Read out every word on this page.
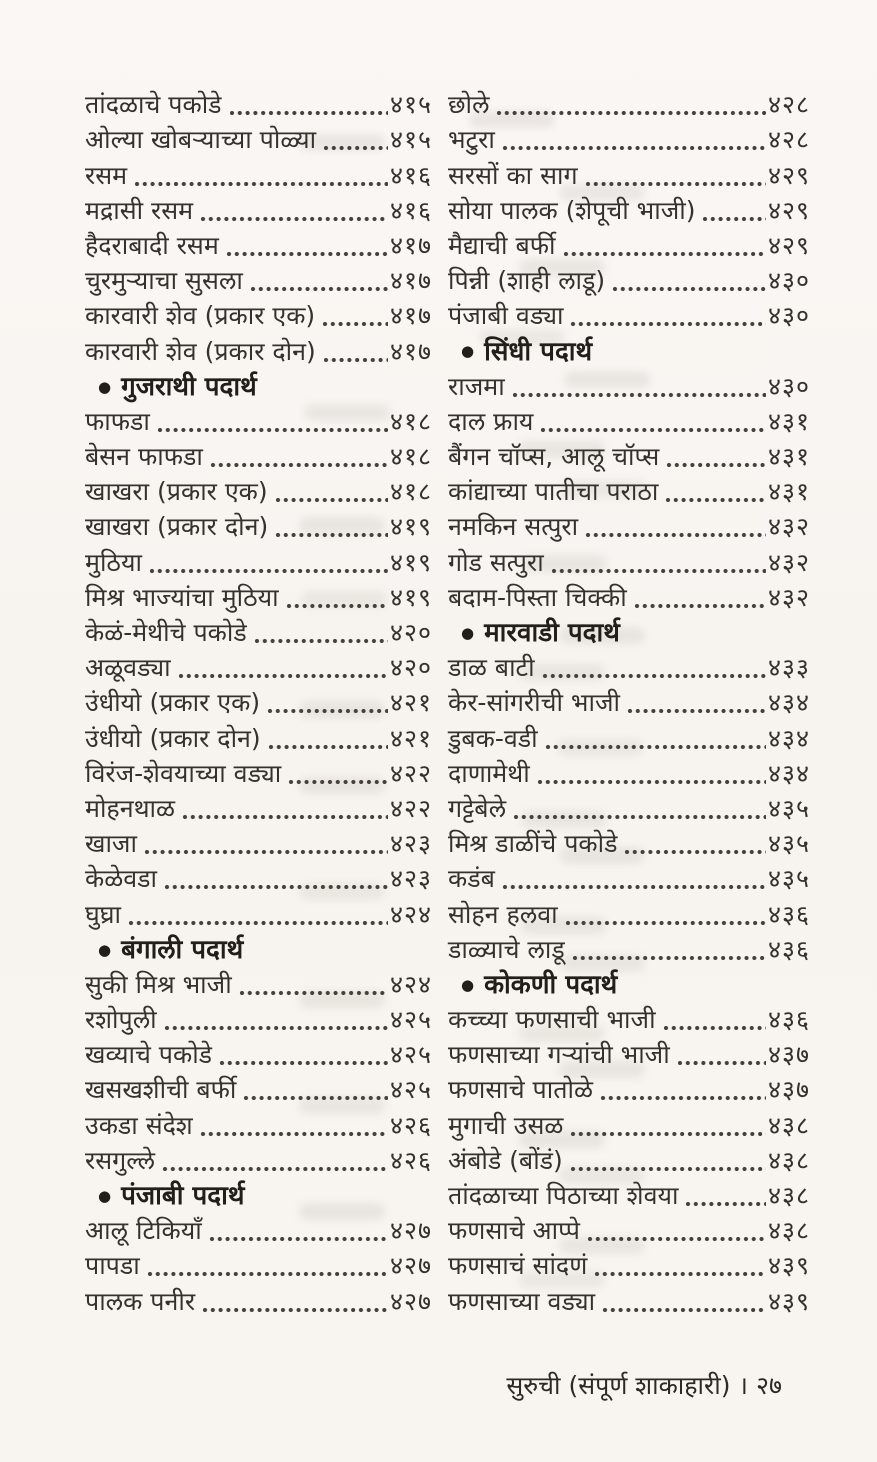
तांदळाचे पकोडे	४१५
ओल्या खोबऱ्याच्या पोळ्या	४१५
रसम	४१६
मद्रासी रसम	४१६
हैदराबादी रसम	४१७
चुरमुऱ्याचा सुसला	४१७
कारवारी शेव (प्रकार एक)	४१७
कारवारी शेव (प्रकार दोन)	४१७
● गुजराथी पदार्थ
फाफडा	४१८
बेसन फाफडा	४१८
खाखरा (प्रकार एक)	४१८
खाखरा (प्रकार दोन)	४१९
मुठिया	४१९
मिश्र भाज्यांचा मुठिया	४१९
केळं-मेथीचे पकोडे	४२०
अळूवड्या	४२०
उंधीयो (प्रकार एक)	४२१
उंधीयो (प्रकार दोन)	४२१
विरंज-शेवयाच्या वड्या	४२२
मोहनथाळ	४२२
खाजा	४२३
केळेवडा	४२३
घुघ्रा	४२४
● बंगाली पदार्थ
सुकी मिश्र भाजी	४२४
रशोपुली	४२५
खव्याचे पकोडे	४२५
खसखशीची बर्फी	४२५
उकडा संदेश	४२६
रसगुल्ले	४२६
● पंजाबी पदार्थ
आलू टिकियाँ	४२७
पापडा	४२७
पालक पनीर	४२७
छोले	४२८
भटुरा	४२८
सरसों का साग	४२९
सोया पालक (शेपूची भाजी)	४२९
मैद्याची बर्फी	४२९
पिन्नी (शाही लाडू)	४३०
पंजाबी वड्या	४३०
● सिंधी पदार्थ
राजमा	४३०
दाल फ्राय	४३१
बैंगन चॉप्स, आलू चॉप्स	४३१
कांद्याच्या पातीचा पराठा	४३१
नमकिन सत्पुरा	४३२
गोड सत्पुरा	४३२
बदाम-पिस्ता चिक्की	४३२
● मारवाडी पदार्थ
डाळ बाटी	४३३
केर-सांगरीची भाजी	४३४
डुबक-वडी	४३४
दाणामेथी	४३४
गट्टेबेले	४३५
मिश्र डाळींचे पकोडे	४३५
कडंब	४३५
सोहन हलवा	४३६
डाळ्याचे लाडू	४३६
● कोकणी पदार्थ
कच्च्या फणसाची भाजी	४३६
फणसाच्या गऱ्यांची भाजी	४३७
फणसाचे पातोळे	४३७
मुगाची उसळ	४३८
अंबोडे (बोंडं)	४३८
तांदळाच्या पिठाच्या शेवया	४३८
फणसाचे आप्पे	४३८
फणसाचं सांदणं	४३९
फणसाच्या वड्या	४३९
सुरुची (संपूर्ण शाकाहारी) । २७
